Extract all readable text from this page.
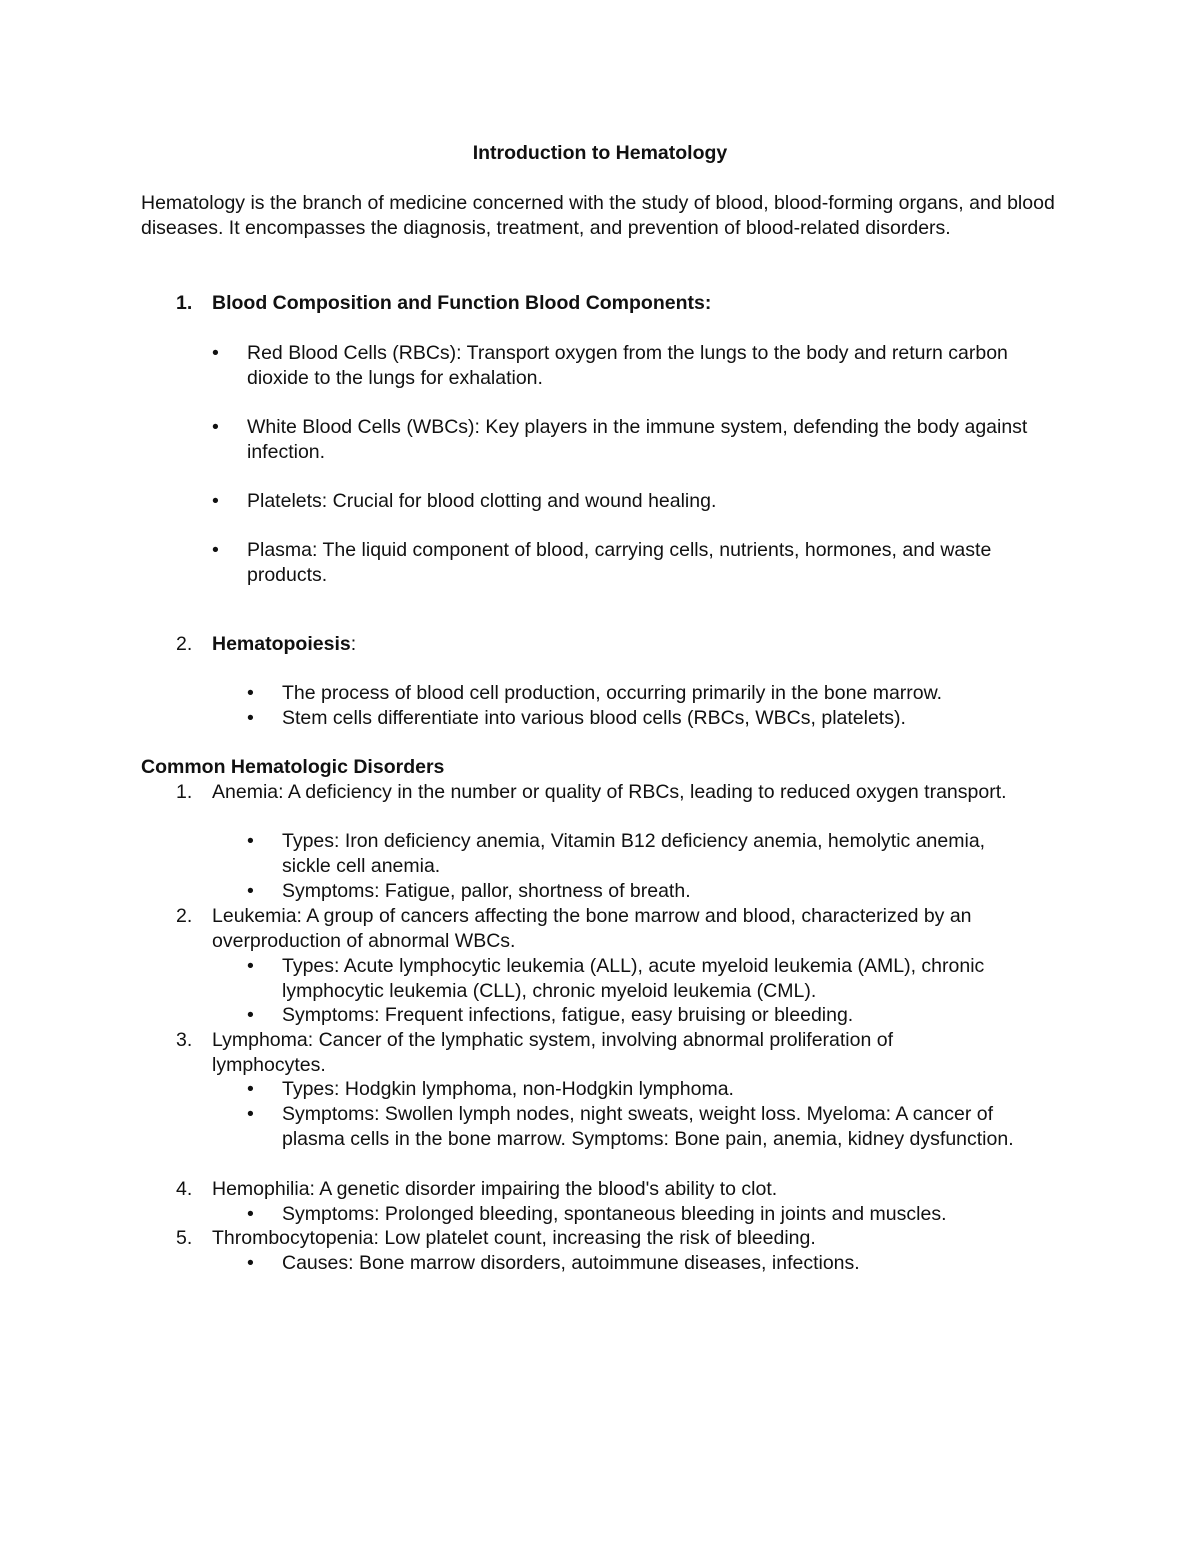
Introduction to Hematology
Hematology is the branch of medicine concerned with the study of blood, blood-forming organs, and blood diseases. It encompasses the diagnosis, treatment, and prevention of blood-related disorders.
1. Blood Composition and Function Blood Components:
•	Red Blood Cells (RBCs): Transport oxygen from the lungs to the body and return carbon dioxide to the lungs for exhalation.
•	White Blood Cells (WBCs): Key players in the immune system, defending the body against infection.
•	Platelets: Crucial for blood clotting and wound healing.
•	Plasma: The liquid component of blood, carrying cells, nutrients, hormones, and waste products.
2. Hematopoiesis:
•	The process of blood cell production, occurring primarily in the bone marrow.
•	Stem cells differentiate into various blood cells (RBCs, WBCs, platelets).
Common Hematologic Disorders
1. Anemia: A deficiency in the number or quality of RBCs, leading to reduced oxygen transport.
•	Types: Iron deficiency anemia, Vitamin B12 deficiency anemia, hemolytic anemia, sickle cell anemia.
•	Symptoms: Fatigue, pallor, shortness of breath.
2. Leukemia: A group of cancers affecting the bone marrow and blood, characterized by an overproduction of abnormal WBCs.
•	Types: Acute lymphocytic leukemia (ALL), acute myeloid leukemia (AML), chronic lymphocytic leukemia (CLL), chronic myeloid leukemia (CML).
•	Symptoms: Frequent infections, fatigue, easy bruising or bleeding.
3. Lymphoma: Cancer of the lymphatic system, involving abnormal proliferation of lymphocytes.
•	Types: Hodgkin lymphoma, non-Hodgkin lymphoma.
•	Symptoms: Swollen lymph nodes, night sweats, weight loss. Myeloma: A cancer of plasma cells in the bone marrow. Symptoms: Bone pain, anemia, kidney dysfunction.
4. Hemophilia: A genetic disorder impairing the blood's ability to clot.
•	Symptoms: Prolonged bleeding, spontaneous bleeding in joints and muscles.
5. Thrombocytopenia: Low platelet count, increasing the risk of bleeding.
•	Causes: Bone marrow disorders, autoimmune diseases, infections.
